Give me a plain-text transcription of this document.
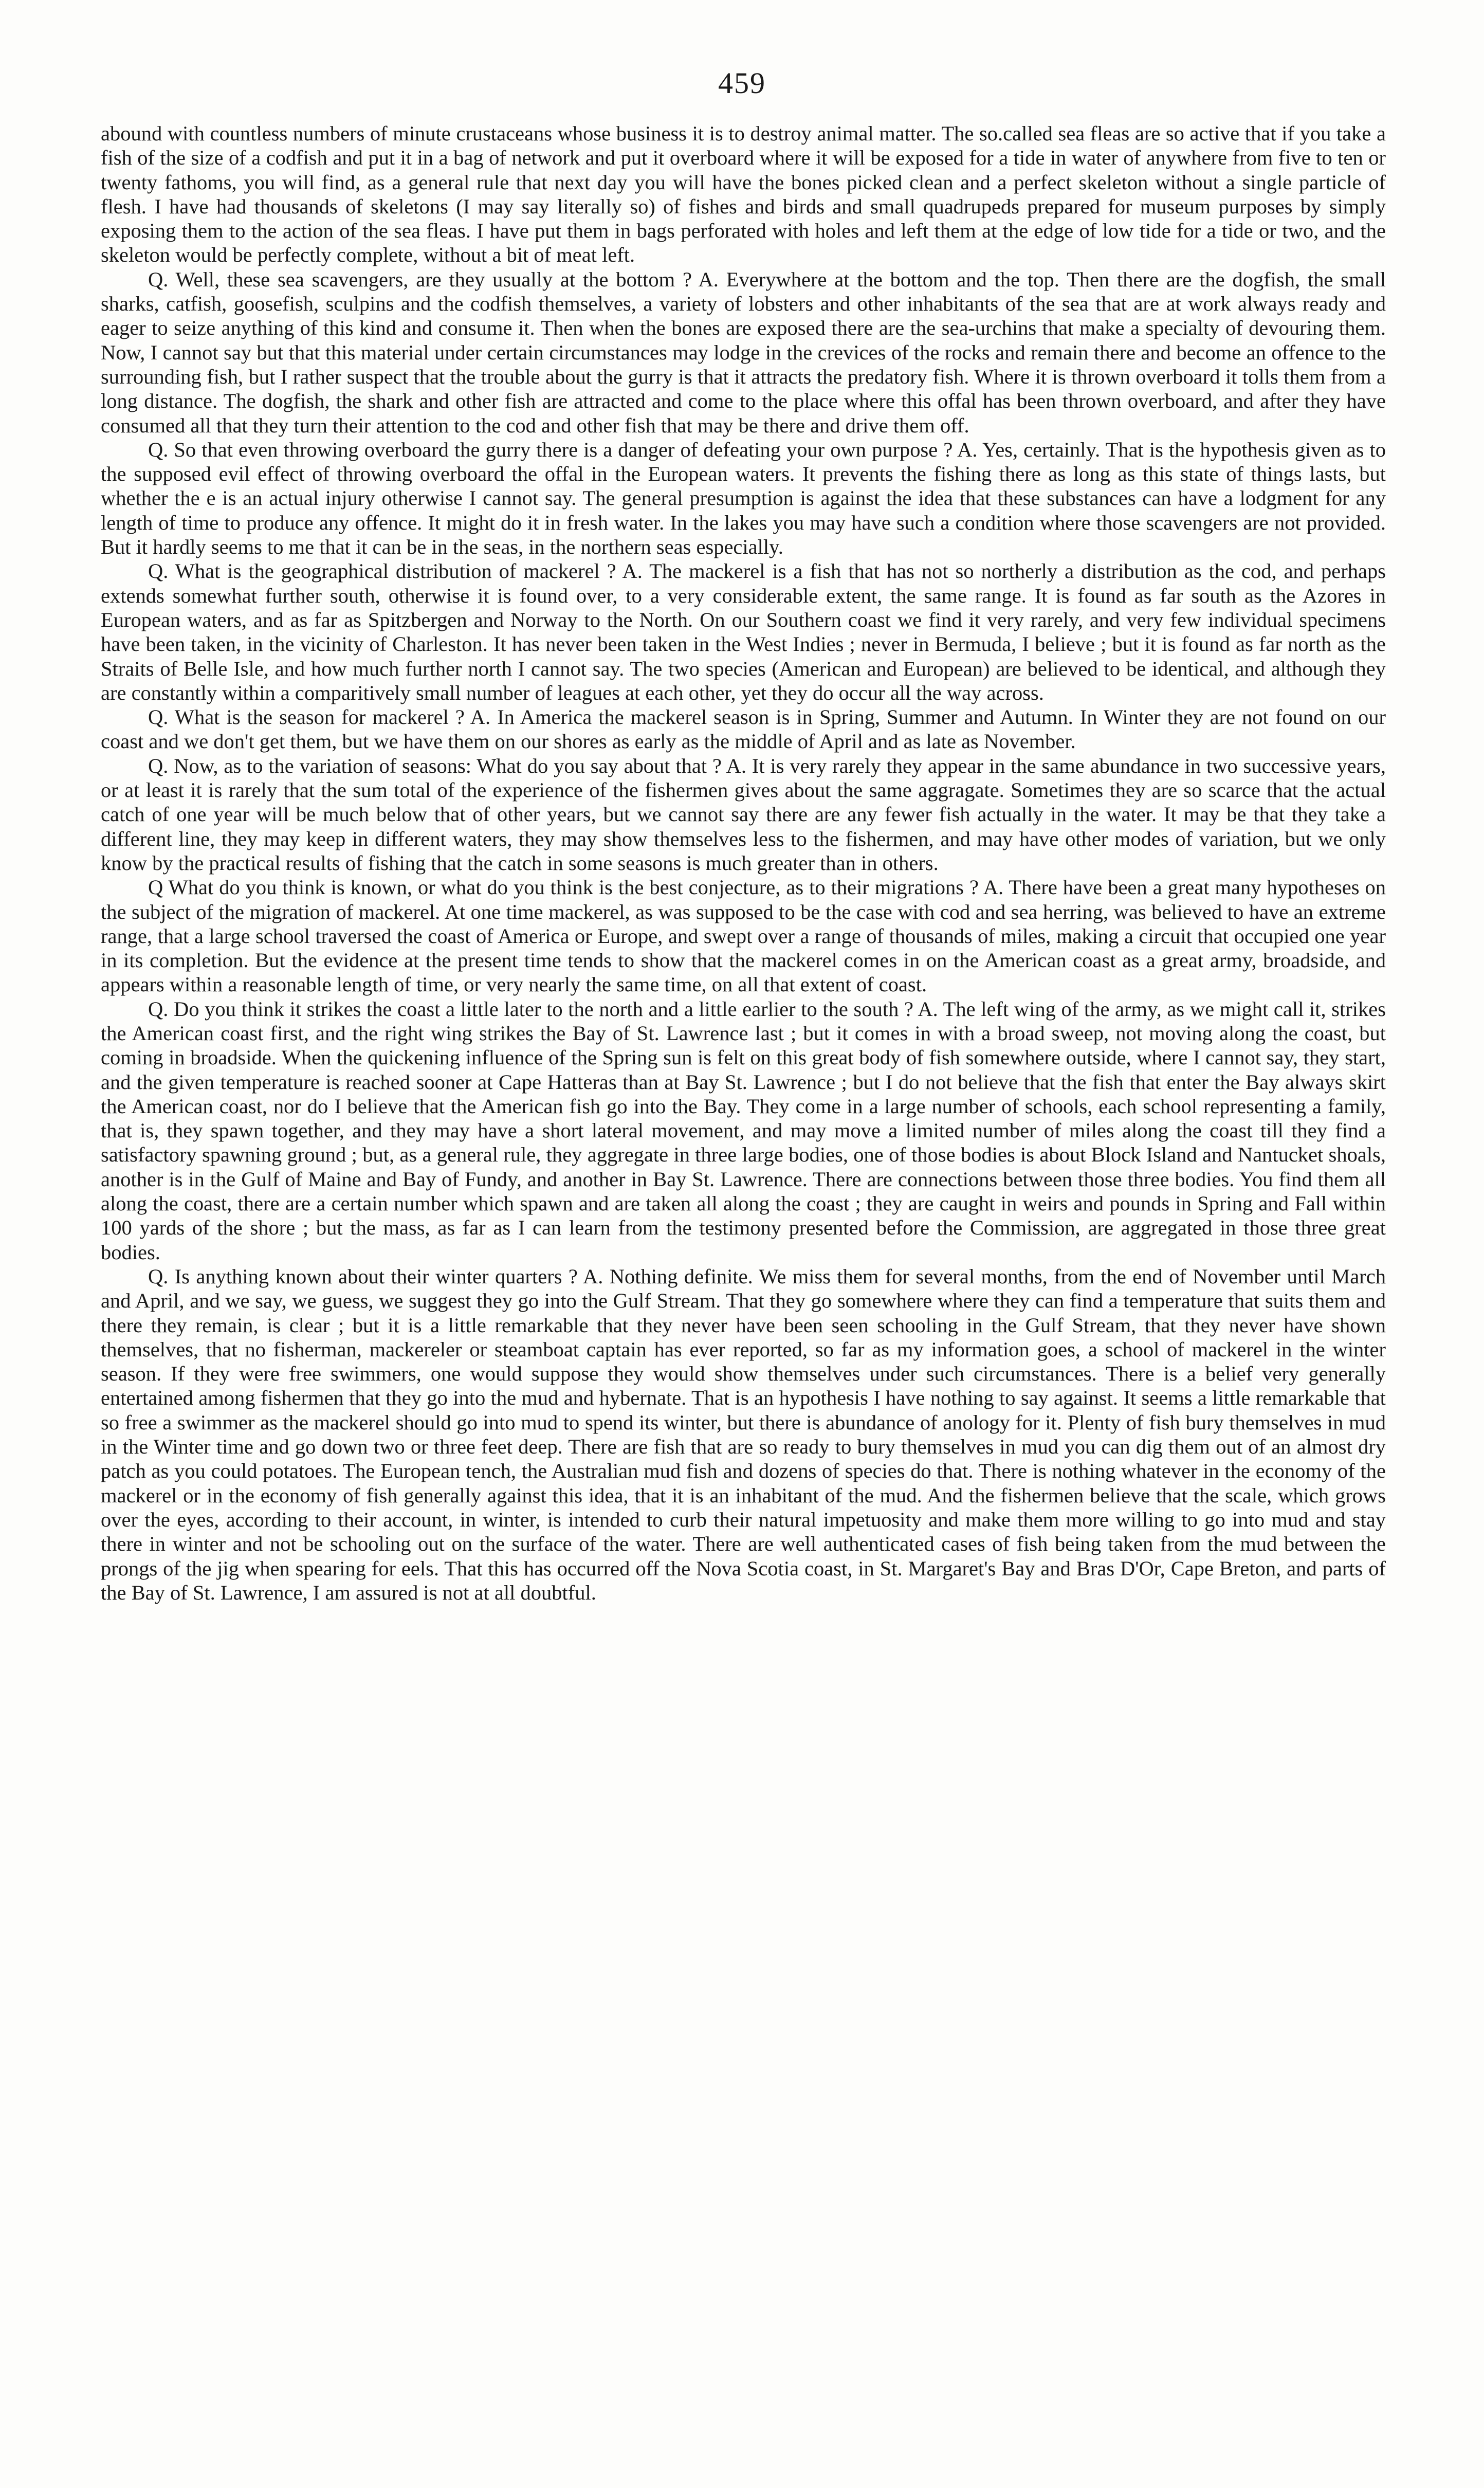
459

abound with countless numbers of minute crustaceans whose business it is to destroy animal matter. The so.called sea fleas are so active that if you take a fish of the size of a codfish and put it in a bag of network and put it overboard where it will be exposed for a tide in water of anywhere from five to ten or twenty fathoms, you will find, as a general rule that next day you will have the bones picked clean and a perfect skeleton without a single particle of flesh. I have had thousands of skeletons (I may say literally so) of fishes and birds and small quadrupeds prepared for museum purposes by simply exposing them to the action of the sea fleas. I have put them in bags perforated with holes and left them at the edge of low tide for a tide or two, and the skeleton would be perfectly complete, without a bit of meat left.

Q. Well, these sea scavengers, are they usually at the bottom ? A. Everywhere at the bottom and the top. Then there are the dogfish, the small sharks, catfish, goosefish, sculpins and the codfish themselves, a variety of lobsters and other inhabitants of the sea that are at work always ready and eager to seize anything of this kind and consume it. Then when the bones are exposed there are the sea-urchins that make a specialty of devouring them. Now, I cannot say but that this material under certain circumstances may lodge in the crevices of the rocks and remain there and become an offence to the surrounding fish, but I rather suspect that the trouble about the gurry is that it attracts the predatory fish. Where it is thrown overboard it tolls them from a long distance. The dogfish, the shark and other fish are attracted and come to the place where this offal has been thrown overboard, and after they have consumed all that they turn their attention to the cod and other fish that may be there and drive them off.

Q. So that even throwing overboard the gurry there is a danger of defeating your own purpose ? A. Yes, certainly. That is the hypothesis given as to the supposed evil effect of throwing overboard the offal in the European waters. It prevents the fishing there as long as this state of things lasts, but whether the e is an actual injury otherwise I cannot say. The general presumption is against the idea that these substances can have a lodgment for any length of time to produce any offence. It might do it in fresh water. In the lakes you may have such a condition where those scavengers are not provided. But it hardly seems to me that it can be in the seas, in the northern seas especially.

Q. What is the geographical distribution of mackerel ? A. The mackerel is a fish that has not so northerly a distribution as the cod, and perhaps extends somewhat further south, otherwise it is found over, to a very considerable extent, the same range. It is found as far south as the Azores in European waters, and as far as Spitzbergen and Norway to the North. On our Southern coast we find it very rarely, and very few individual specimens have been taken, in the vicinity of Charleston. It has never been taken in the West Indies ; never in Bermuda, I believe ; but it is found as far north as the Straits of Belle Isle, and how much further north I cannot say. The two species (American and European) are believed to be identical, and although they are constantly within a comparitively small number of leagues at each other, yet they do occur all the way across.

Q. What is the season for mackerel ? A. In America the mackerel season is in Spring, Summer and Autumn. In Winter they are not found on our coast and we don't get them, but we have them on our shores as early as the middle of April and as late as November.

Q. Now, as to the variation of seasons: What do you say about that ? A. It is very rarely they appear in the same abundance in two successive years, or at least it is rarely that the sum total of the experience of the fishermen gives about the same aggragate. Sometimes they are so scarce that the actual catch of one year will be much below that of other years, but we cannot say there are any fewer fish actually in the water. It may be that they take a different line, they may keep in different waters, they may show themselves less to the fishermen, and may have other modes of variation, but we only know by the practical results of fishing that the catch in some seasons is much greater than in others.

Q What do you think is known, or what do you think is the best conjecture, as to their migrations ? A. There have been a great many hypotheses on the subject of the migration of mackerel. At one time mackerel, as was supposed to be the case with cod and sea herring, was believed to have an extreme range, that a large school traversed the coast of America or Europe, and swept over a range of thousands of miles, making a circuit that occupied one year in its completion. But the evidence at the present time tends to show that the mackerel comes in on the American coast as a great army, broadside, and appears within a reasonable length of time, or very nearly the same time, on all that extent of coast.

Q. Do you think it strikes the coast a little later to the north and a little earlier to the south ? A. The left wing of the army, as we might call it, strikes the American coast first, and the right wing strikes the Bay of St. Lawrence last ; but it comes in with a broad sweep, not moving along the coast, but coming in broadside. When the quickening influence of the Spring sun is felt on this great body of fish somewhere outside, where I cannot say, they start, and the given temperature is reached sooner at Cape Hatteras than at Bay St. Lawrence ; but I do not believe that the fish that enter the Bay always skirt the American coast, nor do I believe that the American fish go into the Bay. They come in a large number of schools, each school representing a family, that is, they spawn together, and they may have a short lateral movement, and may move a limited number of miles along the coast till they find a satisfactory spawning ground ; but, as a general rule, they aggregate in three large bodies, one of those bodies is about Block Island and Nantucket shoals, another is in the Gulf of Maine and Bay of Fundy, and another in Bay St. Lawrence. There are connections between those three bodies. You find them all along the coast, there are a certain number which spawn and are taken all along the coast ; they are caught in weirs and pounds in Spring and Fall within 100 yards of the shore ; but the mass, as far as I can learn from the testimony presented before the Commission, are aggregated in those three great bodies.

Q. Is anything known about their winter quarters ? A. Nothing definite. We miss them for several months, from the end of November until March and April, and we say, we guess, we suggest they go into the Gulf Stream. That they go somewhere where they can find a temperature that suits them and there they remain, is clear ; but it is a little remarkable that they never have been seen schooling in the Gulf Stream, that they never have shown themselves, that no fisherman, mackereler or steamboat captain has ever reported, so far as my information goes, a school of mackerel in the winter season. If they were free swimmers, one would suppose they would show themselves under such circumstances. There is a belief very generally entertained among fishermen that they go into the mud and hybernate. That is an hypothesis I have nothing to say against. It seems a little remarkable that so free a swimmer as the mackerel should go into mud to spend its winter, but there is abundance of anology for it. Plenty of fish bury themselves in mud in the Winter time and go down two or three feet deep. There are fish that are so ready to bury themselves in mud you can dig them out of an almost dry patch as you could potatoes. The European tench, the Australian mud fish and dozens of species do that. There is nothing whatever in the economy of the mackerel or in the economy of fish generally against this idea, that it is an inhabitant of the mud. And the fishermen believe that the scale, which grows over the eyes, according to their account, in winter, is intended to curb their natural impetuosity and make them more willing to go into mud and stay there in winter and not be schooling out on the surface of the water. There are well authenticated cases of fish being taken from the mud between the prongs of the jig when spearing for eels. That this has occurred off the Nova Scotia coast, in St. Margaret's Bay and Bras D'Or, Cape Breton, and parts of the Bay of St. Lawrence, I am assured is not at all doubtful.
